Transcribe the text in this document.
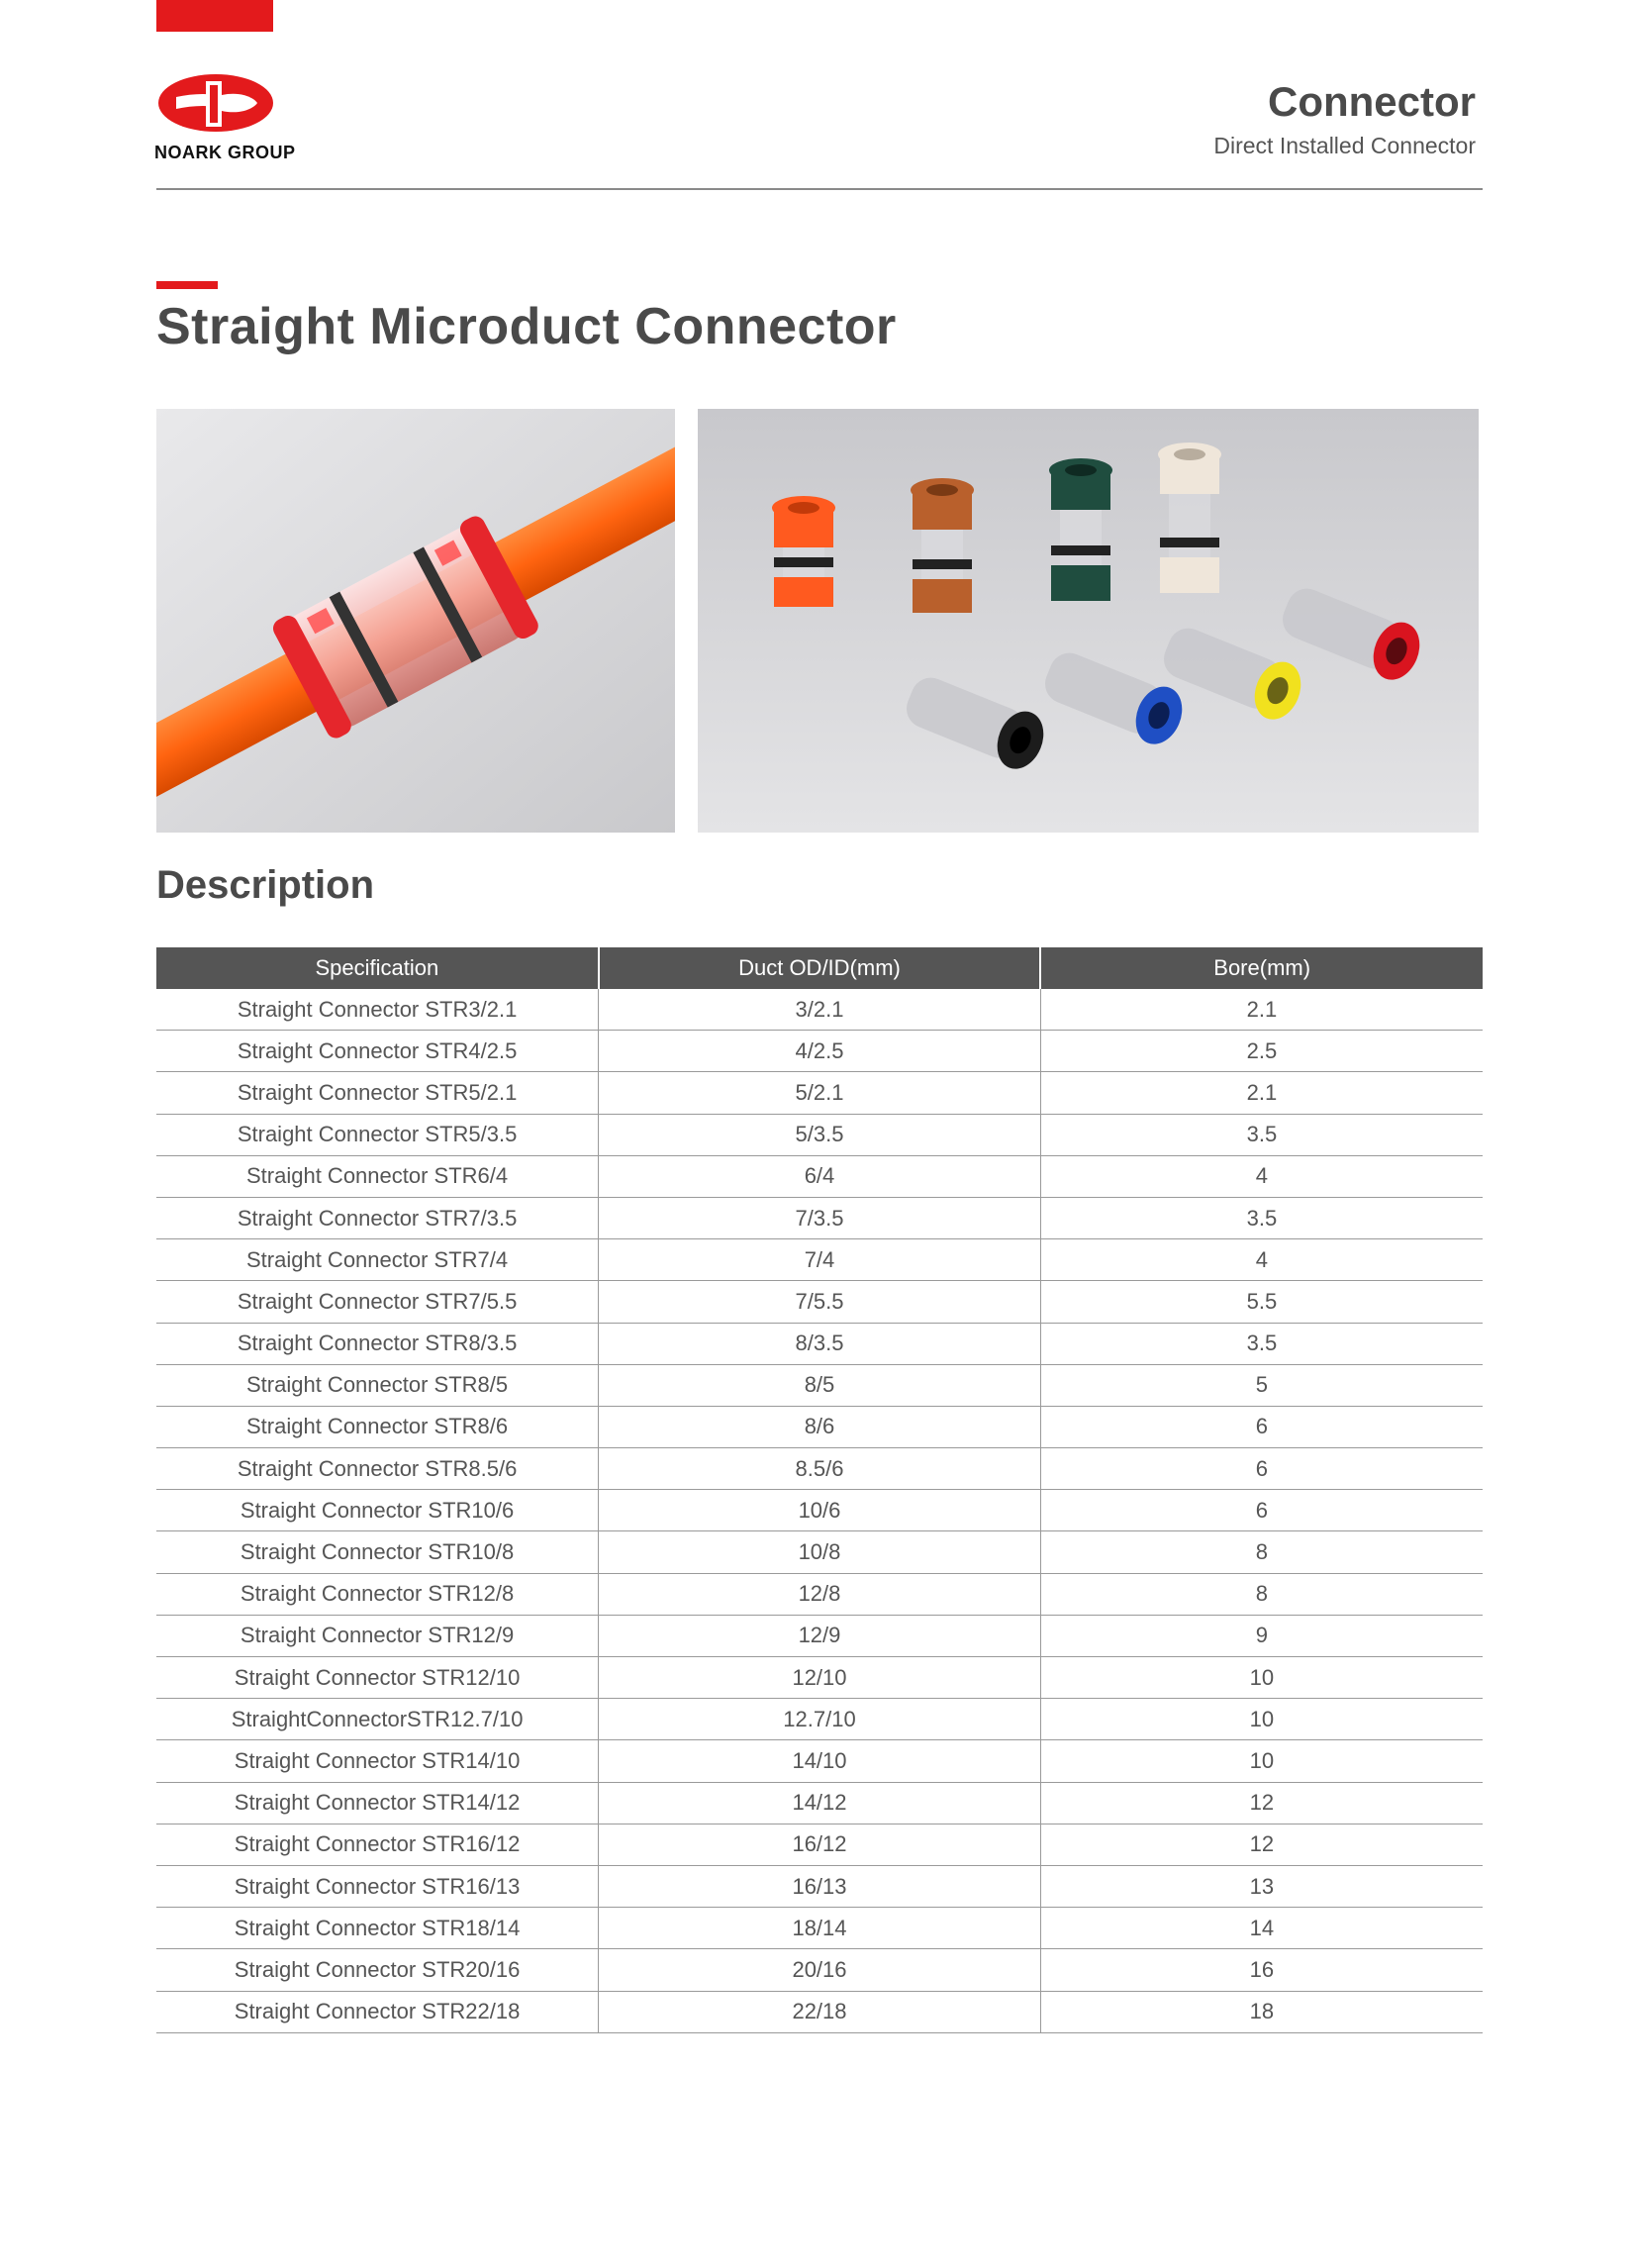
NOARK GROUP
Connector
Direct Installed Connector
Straight Microduct Connector
Description
Specification	Duct OD/ID(mm)	Bore(mm)
Straight Connector STR3/2.1	3/2.1	2.1
Straight Connector STR4/2.5	4/2.5	2.5
Straight Connector STR5/2.1	5/2.1	2.1
Straight Connector STR5/3.5	5/3.5	3.5
Straight Connector STR6/4	6/4	4
Straight Connector STR7/3.5	7/3.5	3.5
Straight Connector STR7/4	7/4	4
Straight Connector STR7/5.5	7/5.5	5.5
Straight Connector STR8/3.5	8/3.5	3.5
Straight Connector STR8/5	8/5	5
Straight Connector STR8/6	8/6	6
Straight Connector STR8.5/6	8.5/6	6
Straight Connector STR10/6	10/6	6
Straight Connector STR10/8	10/8	8
Straight Connector STR12/8	12/8	8
Straight Connector STR12/9	12/9	9
Straight Connector STR12/10	12/10	10
StraightConnectorSTR12.7/10	12.7/10	10
Straight Connector STR14/10	14/10	10
Straight Connector STR14/12	14/12	12
Straight Connector STR16/12	16/12	12
Straight Connector STR16/13	16/13	13
Straight Connector STR18/14	18/14	14
Straight Connector STR20/16	20/16	16
Straight Connector STR22/18	22/18	18
